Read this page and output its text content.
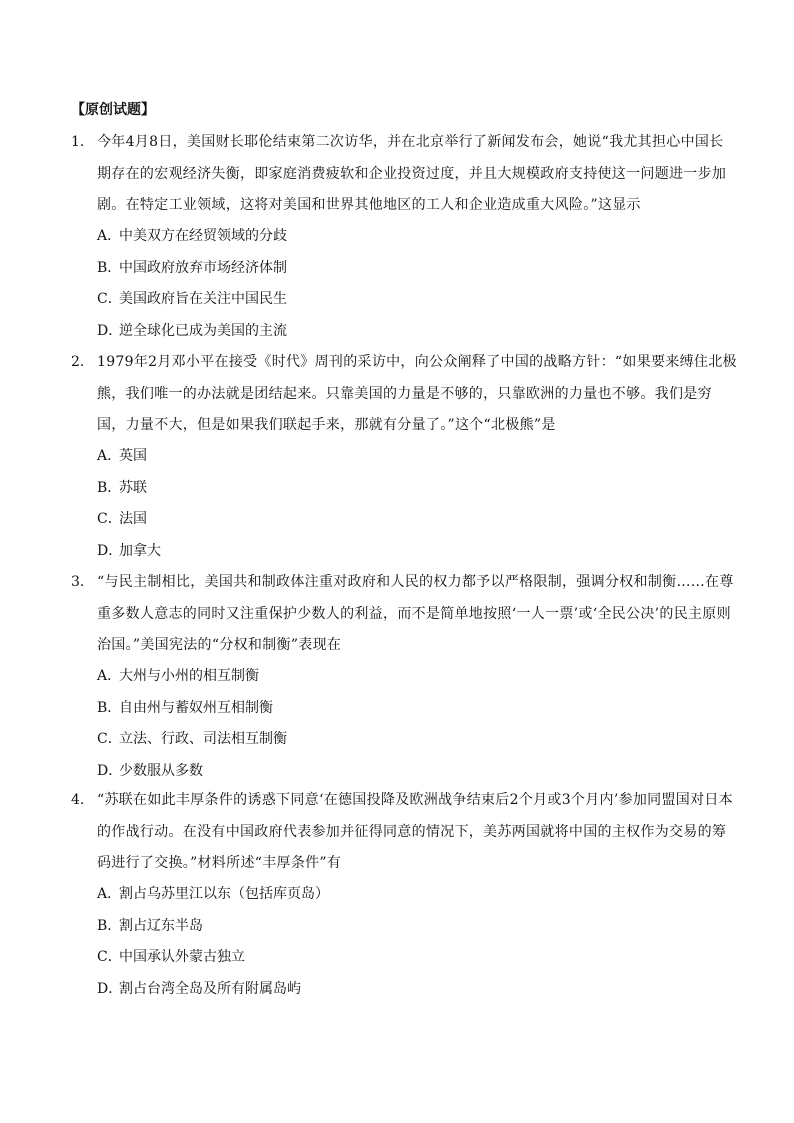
【原创试题】
1. 今年4月8日，美国财长耶伦结束第二次访华，并在北京举行了新闻发布会，她说“我尤其担心中国长期存在的宏观经济失衡，即家庭消费疲软和企业投资过度，并且大规模政府支持使这一问题进一步加剧。在特定工业领域，这将对美国和世界其他地区的工人和企业造成重大风险。”这显示
A．中美双方在经贸领域的分歧
B．中国政府放弃市场经济体制
C．美国政府旨在关注中国民生
D．逆全球化已成为美国的主流
2. 1979年2月邓小平在接受《时代》周刊的采访中，向公众阐释了中国的战略方针：“如果要来缚住北极熊，我们唯一的办法就是团结起来。只靠美国的力量是不够的，只靠欧洲的力量也不够。我们是穷国，力量不大，但是如果我们联起手来，那就有分量了。”这个“北极熊”是
A．英国
B．苏联
C．法国
D．加拿大
3. “与民主制相比，美国共和制政体注重对政府和人民的权力都予以严格限制，强调分权和制衡……在尊重多数人意志的同时又注重保护少数人的利益，而不是简单地按照‘一人一票’或‘全民公决’的民主原则治国。”美国宪法的“分权和制衡”表现在
A．大州与小州的相互制衡
B．自由州与蓄奴州互相制衡
C．立法、行政、司法相互制衡
D．少数服从多数
4. “苏联在如此丰厚条件的诱惑下同意‘在德国投降及欧洲战争结束后2个月或3个月内’参加同盟国对日本的作战行动。在没有中国政府代表参加并征得同意的情况下，美苏两国就将中国的主权作为交易的筹码进行了交换。”材料所述“丰厚条件”有
A．割占乌苏里江以东（包括库页岛）
B．割占辽东半岛
C．中国承认外蒙古独立
D．割占台湾全岛及所有附属岛屿
